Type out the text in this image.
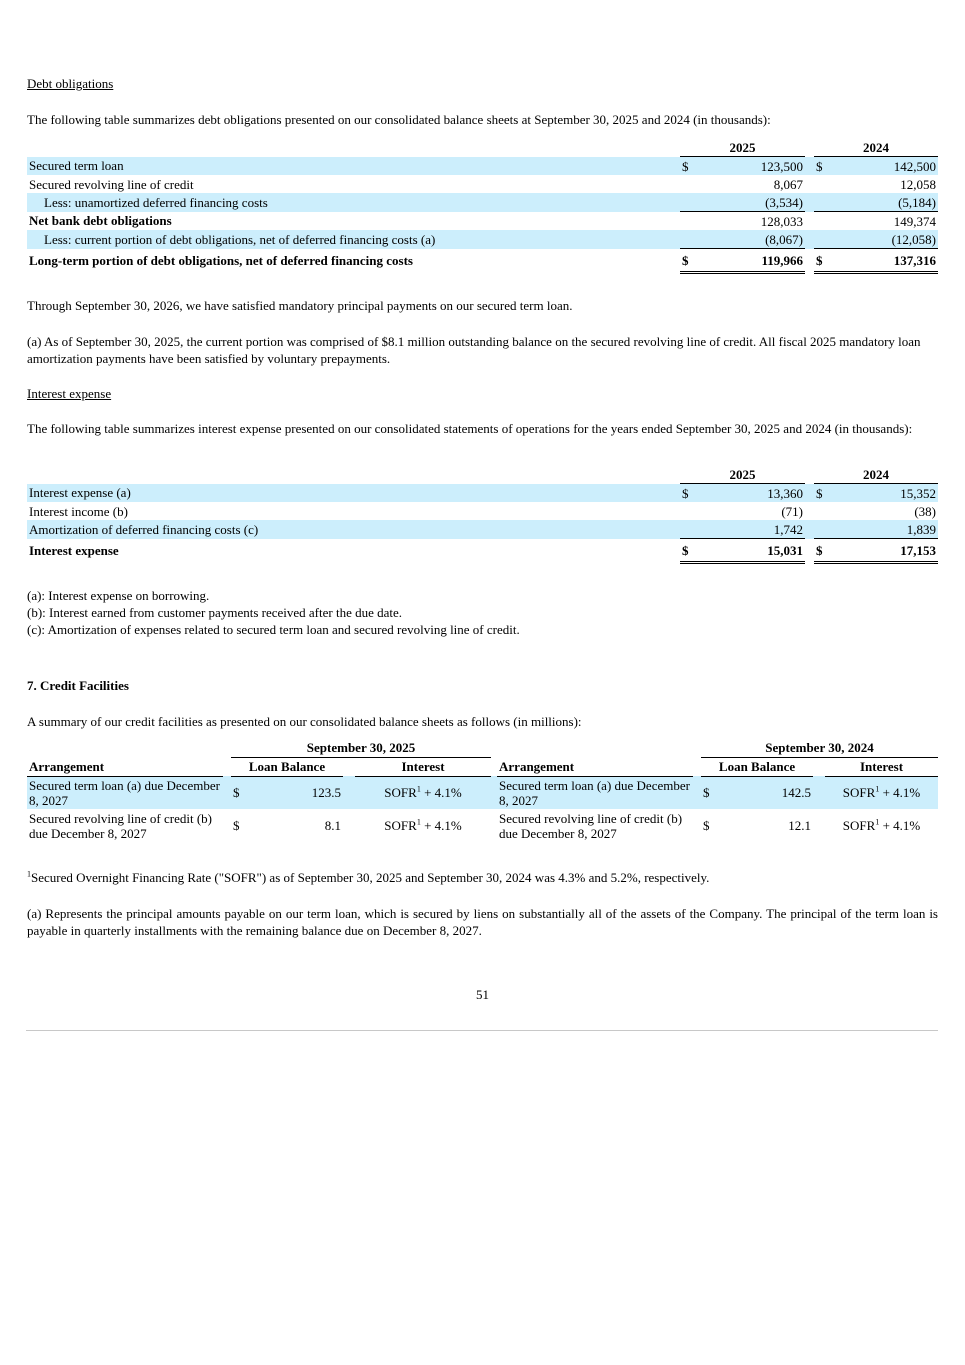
Debt obligations

The following table summarizes debt obligations presented on our consolidated balance sheets at September 30, 2025 and 2024 (in thousands):

	2025			2024	
Secured term loan	$	123,500		$	142,500
Secured revolving line of credit		8,067			12,058
Less: unamortized deferred financing costs		(3,534)			(5,184)
Net bank debt obligations		128,033			149,374
Less: current portion of debt obligations, net of deferred financing costs (a)		(8,067)			(12,058)
Long-term portion of debt obligations, net of deferred financing costs	$	119,966		$	137,316

Through September 30, 2026, we have satisfied mandatory principal payments on our secured term loan.

(a) As of September 30, 2025, the current portion was comprised of $8.1 million outstanding balance on the secured revolving line of credit. All fiscal 2025 mandatory loan amortization payments have been satisfied by voluntary prepayments.

Interest expense

The following table summarizes interest expense presented on our consolidated statements of operations for the years ended September 30, 2025 and 2024 (in thousands):

	2025			2024	
Interest expense (a)	$	13,360		$	15,352
Interest income (b)		(71)			(38)
Amortization of deferred financing costs (c)		1,742			1,839
Interest expense	$	15,031		$	17,153

(a): Interest expense on borrowing.

(b): Interest earned from customer payments received after the due date.

(c): Amortization of expenses related to secured term loan and secured revolving line of credit.

7. Credit Facilities

A summary of our credit facilities as presented on our consolidated balance sheets as follows (in millions):

		September 30, 2025							September 30, 2024			
Arrangement		Loan Balance			Interest		Arrangement		Loan Balance			Interest
Secured term loan (a) due December 8, 2027		$	123.5		$SOFR^1 + 4.1\%$		Secured term loan (a) due December 8, 2027		$	142.5		$SOFR^1 + 4.1\%$
Secured revolving line of credit (b) due December 8, 2027		$	8.1		$SOFR^1 + 4.1\%$		Secured revolving line of credit (b) due December 8, 2027		$	12.1		$SOFR^1 + 4.1\%$

$^1$Secured Overnight Financing Rate ("SOFR") as of September 30, 2025 and September 30, 2024 was 4.3% and 5.2%, respectively.

(a) Represents the principal amounts payable on our term loan, which is secured by liens on substantially all of the assets of the Company. The principal of the term loan is payable in quarterly installments with the remaining balance due on December 8, 2027.

51
